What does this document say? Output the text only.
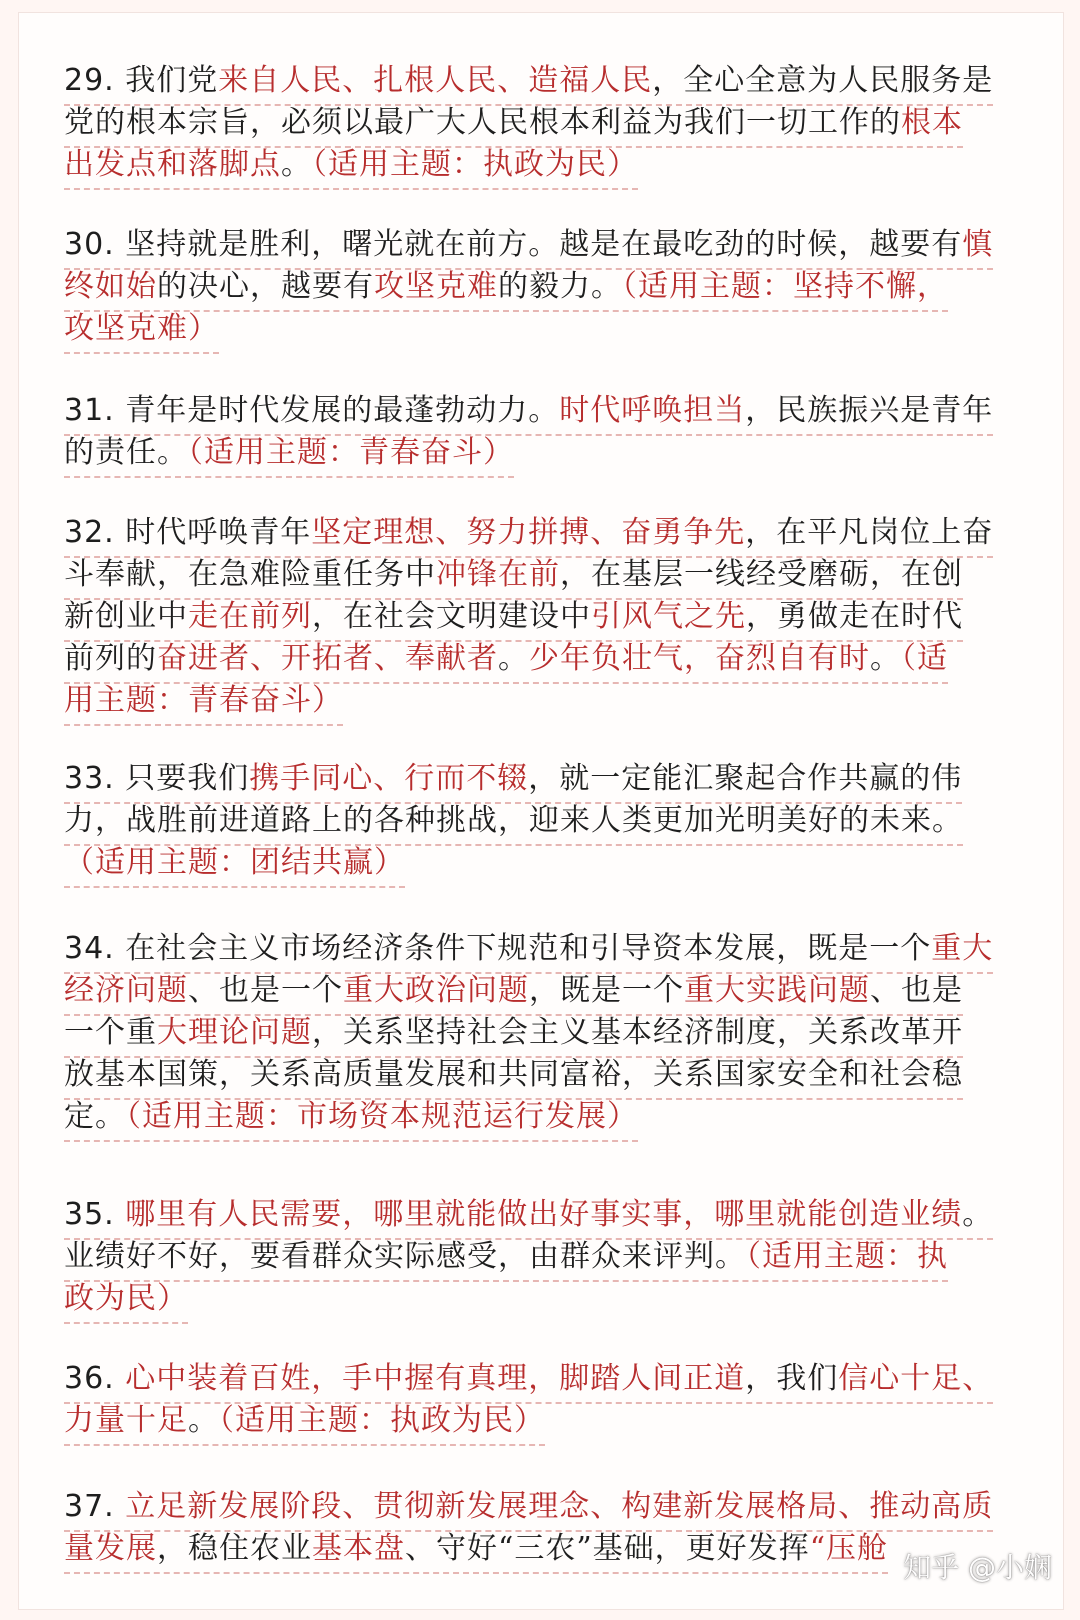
29. 我们党来自人民、扎根人民、造福人民，全心全意为人民服务是
党的根本宗旨，必须以最广大人民根本利益为我们一切工作的根本
出发点和落脚点。（适用主题：执政为民）
30. 坚持就是胜利，曙光就在前方。越是在最吃劲的时候，越要有慎
终如始的决心，越要有攻坚克难的毅力。（适用主题：坚持不懈，
攻坚克难）
31. 青年是时代发展的最蓬勃动力。时代呼唤担当，民族振兴是青年
的责任。（适用主题：青春奋斗）
32. 时代呼唤青年坚定理想、努力拼搏、奋勇争先，在平凡岗位上奋
斗奉献，在急难险重任务中冲锋在前，在基层一线经受磨砺，在创
新创业中走在前列，在社会文明建设中引风气之先，勇做走在时代
前列的奋进者、开拓者、奉献者。少年负壮气，奋烈自有时。（适
用主题：青春奋斗）
33. 只要我们携手同心、行而不辍，就一定能汇聚起合作共赢的伟
力，战胜前进道路上的各种挑战，迎来人类更加光明美好的未来。
（适用主题：团结共赢）
34. 在社会主义市场经济条件下规范和引导资本发展，既是一个重大
经济问题、也是一个重大政治问题，既是一个重大实践问题、也是
一个重大理论问题，关系坚持社会主义基本经济制度，关系改革开
放基本国策，关系高质量发展和共同富裕，关系国家安全和社会稳
定。（适用主题：市场资本规范运行发展）
35. 哪里有人民需要，哪里就能做出好事实事，哪里就能创造业绩。
业绩好不好，要看群众实际感受，由群众来评判。（适用主题：执
政为民）
36. 心中装着百姓，手中握有真理，脚踏人间正道，我们信心十足、
力量十足。（适用主题：执政为民）
37. 立足新发展阶段、贯彻新发展理念、构建新发展格局、推动高质
量发展，稳住农业基本盘、守好“三农”基础，更好发挥“压舱
知乎 @小娴
